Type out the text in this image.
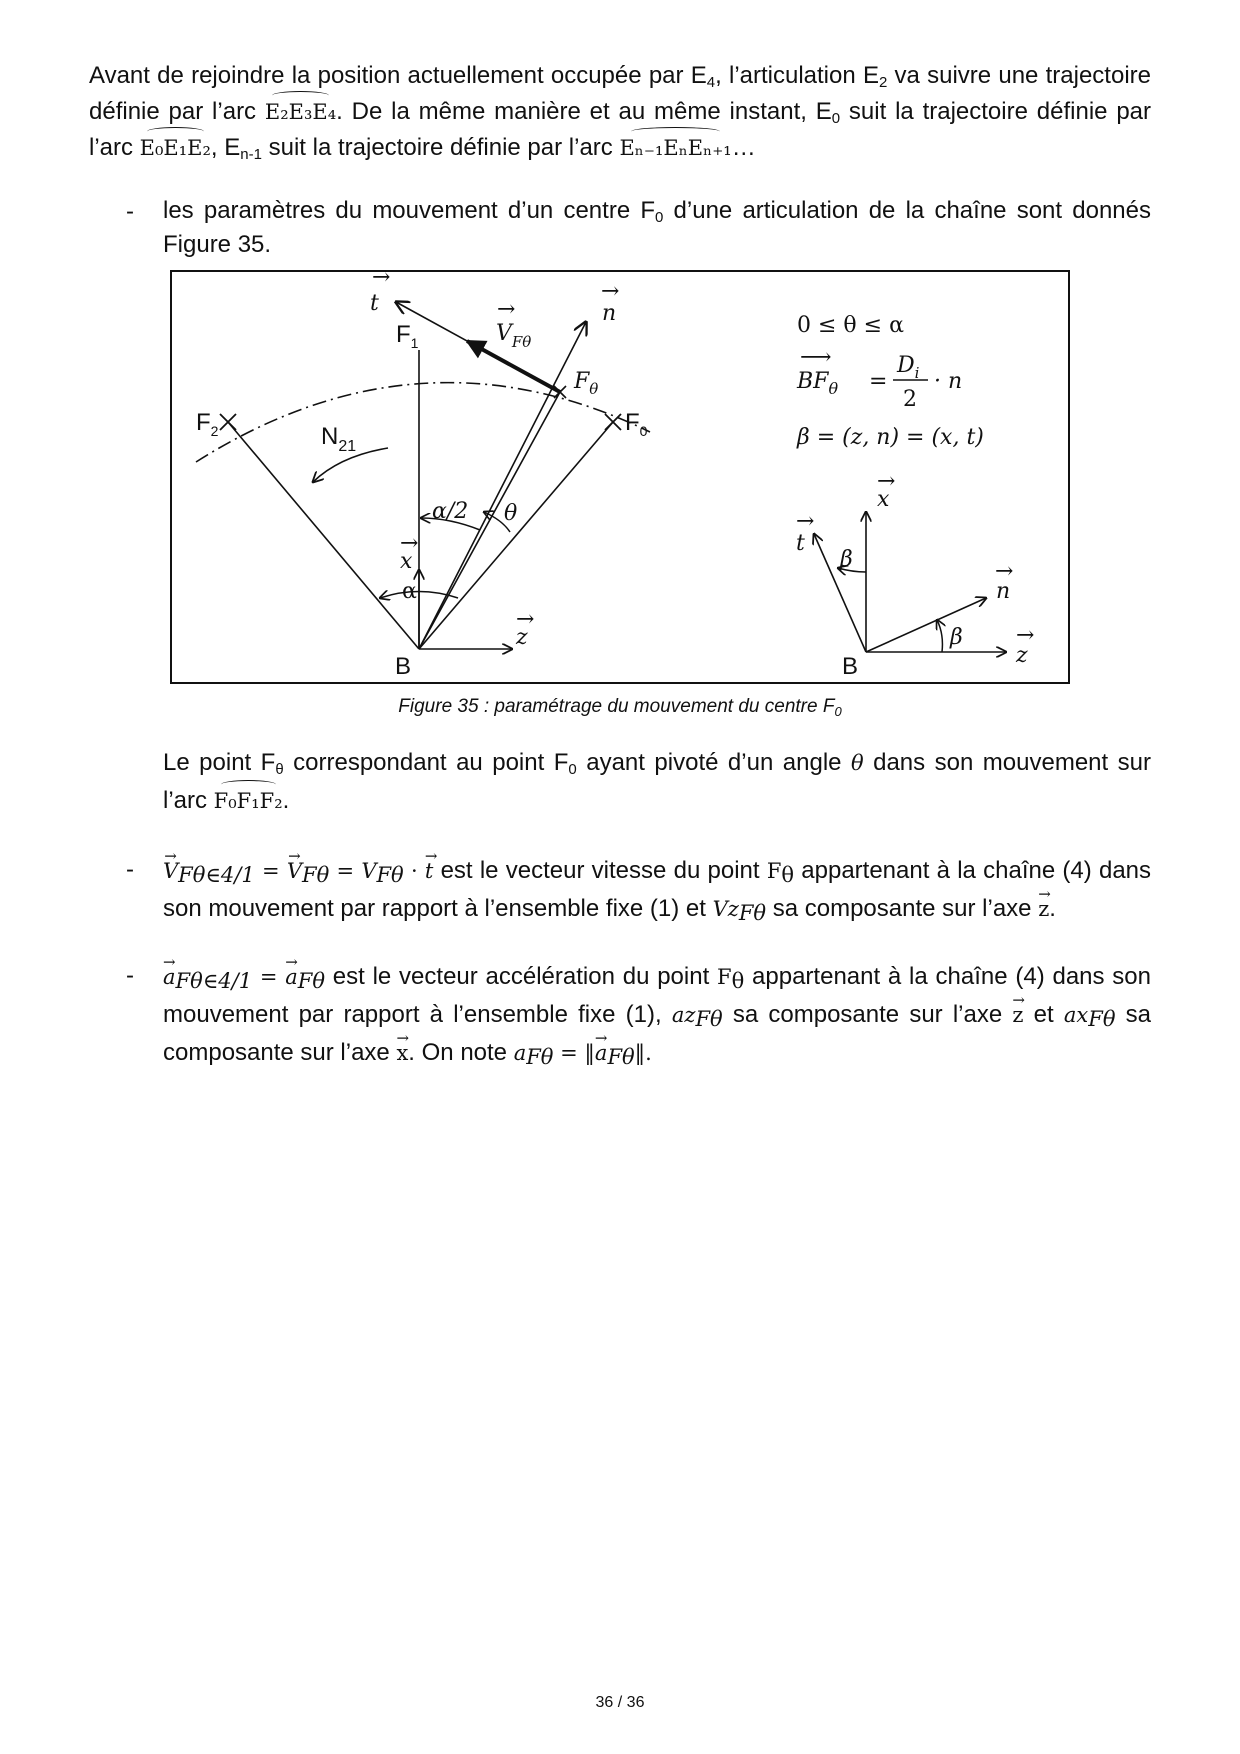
Avant de rejoindre la position actuellement occupée par $E_4$, l’articulation $E_2$ va suivre une trajectoire définie par l’arc E₂E₃E₄. De la même manière et au même instant, $E_0$ suit la trajectoire définie par l’arc E₀E₁E₂, $E_{n-1}$ suit la trajectoire définie par l’arc Eₙ₋₁EₙEₙ₊₁…

- les paramètres du mouvement d’un centre $F_0$ d’une articulation de la chaîne sont donnés Figure 35.

t
→
n
→
$F_1$	$V_{F\theta}$
→
$F_\theta$
$F_2$	$F_0$
$N_{21}$
α/2 θ
x
→
α
B
z
→
0 ≤ θ ≤ α
$BF_\theta$
⟶
=
$D_i$
2
· n
β = (z, n) = (x, t)
x
→
t
→
β
n
→
β
z
→
B
Figure 35 : paramétrage du mouvement du centre $F_0$

Le point $F_\theta$ correspondant au point $F_0$ ayant pivoté d’un angle θ dans son mouvement sur l’arc F₀F₁F₂.

- → $V_{F\theta\in 4/1}$ = → $V_{F\theta} = V_{F\theta}$ · → t est le vecteur vitesse du point $F_\theta$ appartenant à la chaîne (4) dans son mouvement par rapport à l’ensemble fixe (1) et $Vz_{F\theta}$ sa composante sur l’axe → z.

- → $a_{F\theta\in 4/1}$ = → $a_{F\theta}$ est le vecteur accélération du point $F_\theta$ appartenant à la chaîne (4) dans son mouvement par rapport à l’ensemble fixe (1), $az_{F\theta}$ sa composante sur l’axe → z et $ax_{F\theta}$ sa composante sur l’axe → x. On note $a_{F\theta}$ = ‖→ $a_{F\theta}‖$.

36 / 36
